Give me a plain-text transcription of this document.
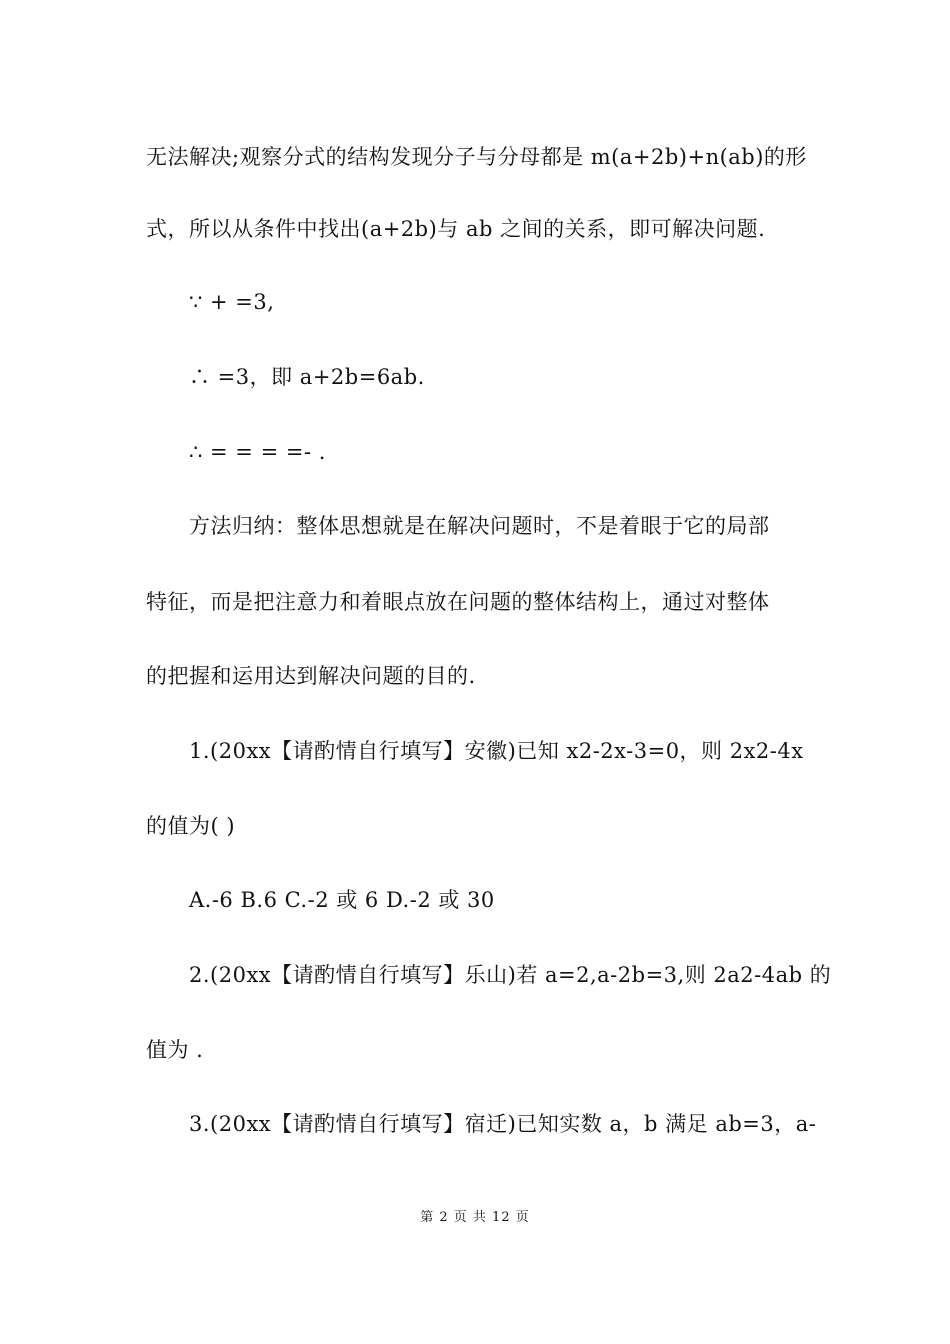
无法解决;观察分式的结构发现分子与分母都是 m(a+2b)+n(ab)的形
式，所以从条件中找出(a+2b)与 ab 之间的关系，即可解决问题.
∵ + =3,
∴ =3，即 a+2b=6ab.
∴ = = = =- .
方法归纳：整体思想就是在解决问题时，不是着眼于它的局部
特征，而是把注意力和着眼点放在问题的整体结构上，通过对整体
的把握和运用达到解决问题的目的.
1.(20xx【请酌情自行填写】安徽)已知 x2-2x-3=0，则 2x2-4x
的值为( )
A.-6 B.6 C.-2 或 6 D.-2 或 30
2.(20xx【请酌情自行填写】乐山)若 a=2,a-2b=3,则 2a2-4ab 的
值为 .
3.(20xx【请酌情自行填写】宿迁)已知实数 a，b 满足 ab=3，a-
第 2 页 共 12 页
